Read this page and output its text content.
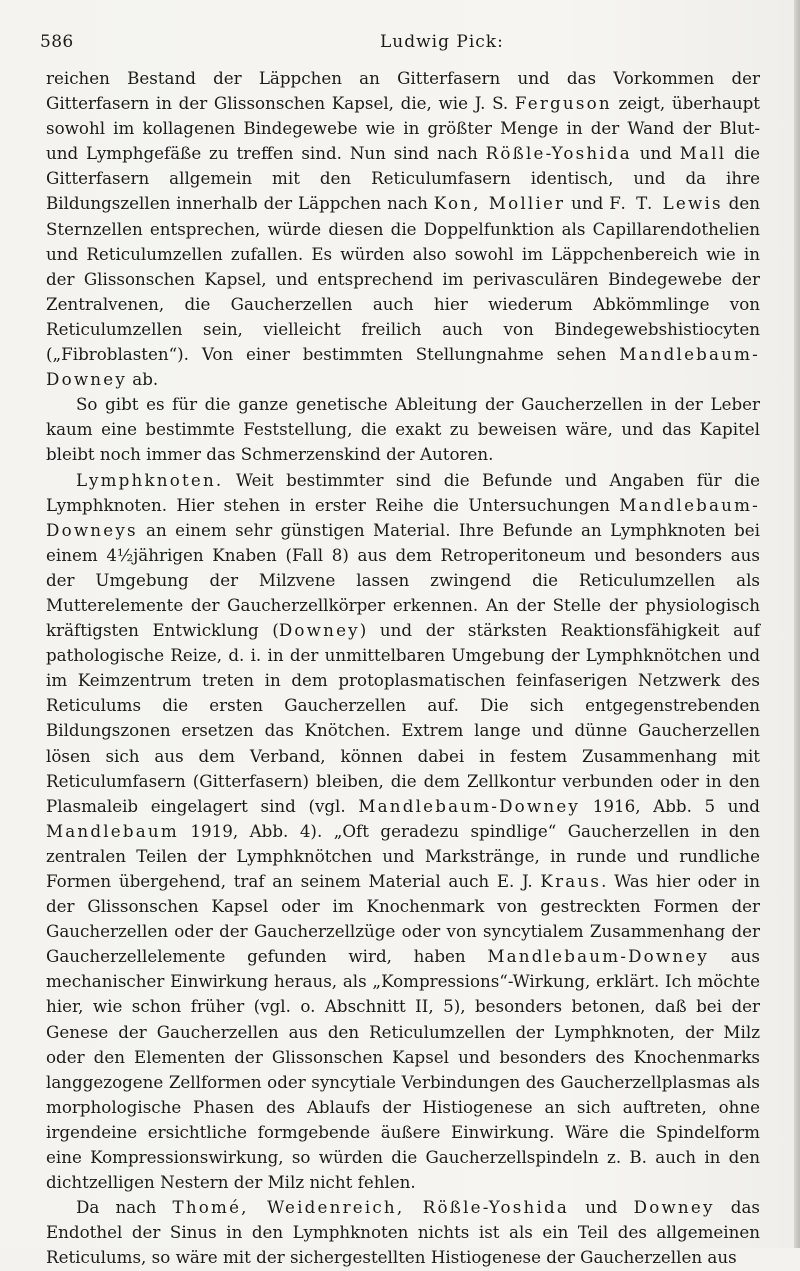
586	Ludwig Pick:

reichen Bestand der Läppchen an Gitterfasern und das Vorkommen der Gitterfasern in der Glissonschen Kapsel, die, wie J. S. Ferguson zeigt, überhaupt sowohl im kollagenen Bindegewebe wie in größter Menge in der Wand der Blut- und Lymphgefäße zu treffen sind. Nun sind nach Rößle-Yoshida und Mall die Gitterfasern allgemein mit den Reticulumfasern identisch, und da ihre Bildungszellen innerhalb der Läppchen nach Kon, Mollier und F. T. Lewis den Sternzellen entsprechen, würde diesen die Doppelfunktion als Capillarendothelien und Reticulumzellen zufallen. Es würden also sowohl im Läppchenbereich wie in der Glissonschen Kapsel, und entsprechend im perivasculären Bindegewebe der Zentralvenen, die Gaucherzellen auch hier wiederum Abkömmlinge von Reticulumzellen sein, vielleicht freilich auch von Bindegewebshistiocyten („Fibroblasten“). Von einer bestimmten Stellungnahme sehen Mandlebaum-Downey ab.

So gibt es für die ganze genetische Ableitung der Gaucherzellen in der Leber kaum eine bestimmte Feststellung, die exakt zu beweisen wäre, und das Kapitel bleibt noch immer das Schmerzenskind der Autoren.

Lymphknoten. Weit bestimmter sind die Befunde und Angaben für die Lymphknoten. Hier stehen in erster Reihe die Untersuchungen Mandlebaum-Downeys an einem sehr günstigen Material. Ihre Befunde an Lymphknoten bei einem 4½jährigen Knaben (Fall 8) aus dem Retroperitoneum und besonders aus der Umgebung der Milzvene lassen zwingend die Reticulumzellen als Mutterelemente der Gaucherzellkörper erkennen. An der Stelle der physiologisch kräftigsten Entwicklung (Downey) und der stärksten Reaktionsfähigkeit auf pathologische Reize, d. i. in der unmittelbaren Umgebung der Lymphknötchen und im Keimzentrum treten in dem protoplasmatischen feinfaserigen Netzwerk des Reticulums die ersten Gaucherzellen auf. Die sich entgegenstrebenden Bildungszonen ersetzen das Knötchen. Extrem lange und dünne Gaucherzellen lösen sich aus dem Verband, können dabei in festem Zusammenhang mit Reticulumfasern (Gitterfasern) bleiben, die dem Zellkontur verbunden oder in den Plasmaleib eingelagert sind (vgl. Mandlebaum-Downey 1916, Abb. 5 und Mandlebaum 1919, Abb. 4). „Oft geradezu spindlige“ Gaucherzellen in den zentralen Teilen der Lymphknötchen und Markstränge, in runde und rundliche Formen übergehend, traf an seinem Material auch E. J. Kraus. Was hier oder in der Glissonschen Kapsel oder im Knochenmark von gestreckten Formen der Gaucherzellen oder der Gaucherzellzüge oder von syncytialem Zusammenhang der Gaucherzellelemente gefunden wird, haben Mandlebaum-Downey aus mechanischer Einwirkung heraus, als „Kompressions“-Wirkung, erklärt. Ich möchte hier, wie schon früher (vgl. o. Abschnitt II, 5), besonders betonen, daß bei der Genese der Gaucherzellen aus den Reticulumzellen der Lymphknoten, der Milz oder den Elementen der Glissonschen Kapsel und besonders des Knochenmarks langgezogene Zellformen oder syncytiale Verbindungen des Gaucherzellplasmas als morphologische Phasen des Ablaufs der Histiogenese an sich auftreten, ohne irgendeine ersichtliche formgebende äußere Einwirkung. Wäre die Spindelform eine Kompressionswirkung, so würden die Gaucherzellspindeln z. B. auch in den dichtzelligen Nestern der Milz nicht fehlen.

Da nach Thomé, Weidenreich, Rößle-Yoshida und Downey das Endothel der Sinus in den Lymphknoten nichts ist als ein Teil des allgemeinen Reticulums, so wäre mit der sichergestellten Histiogenese der Gaucherzellen aus
